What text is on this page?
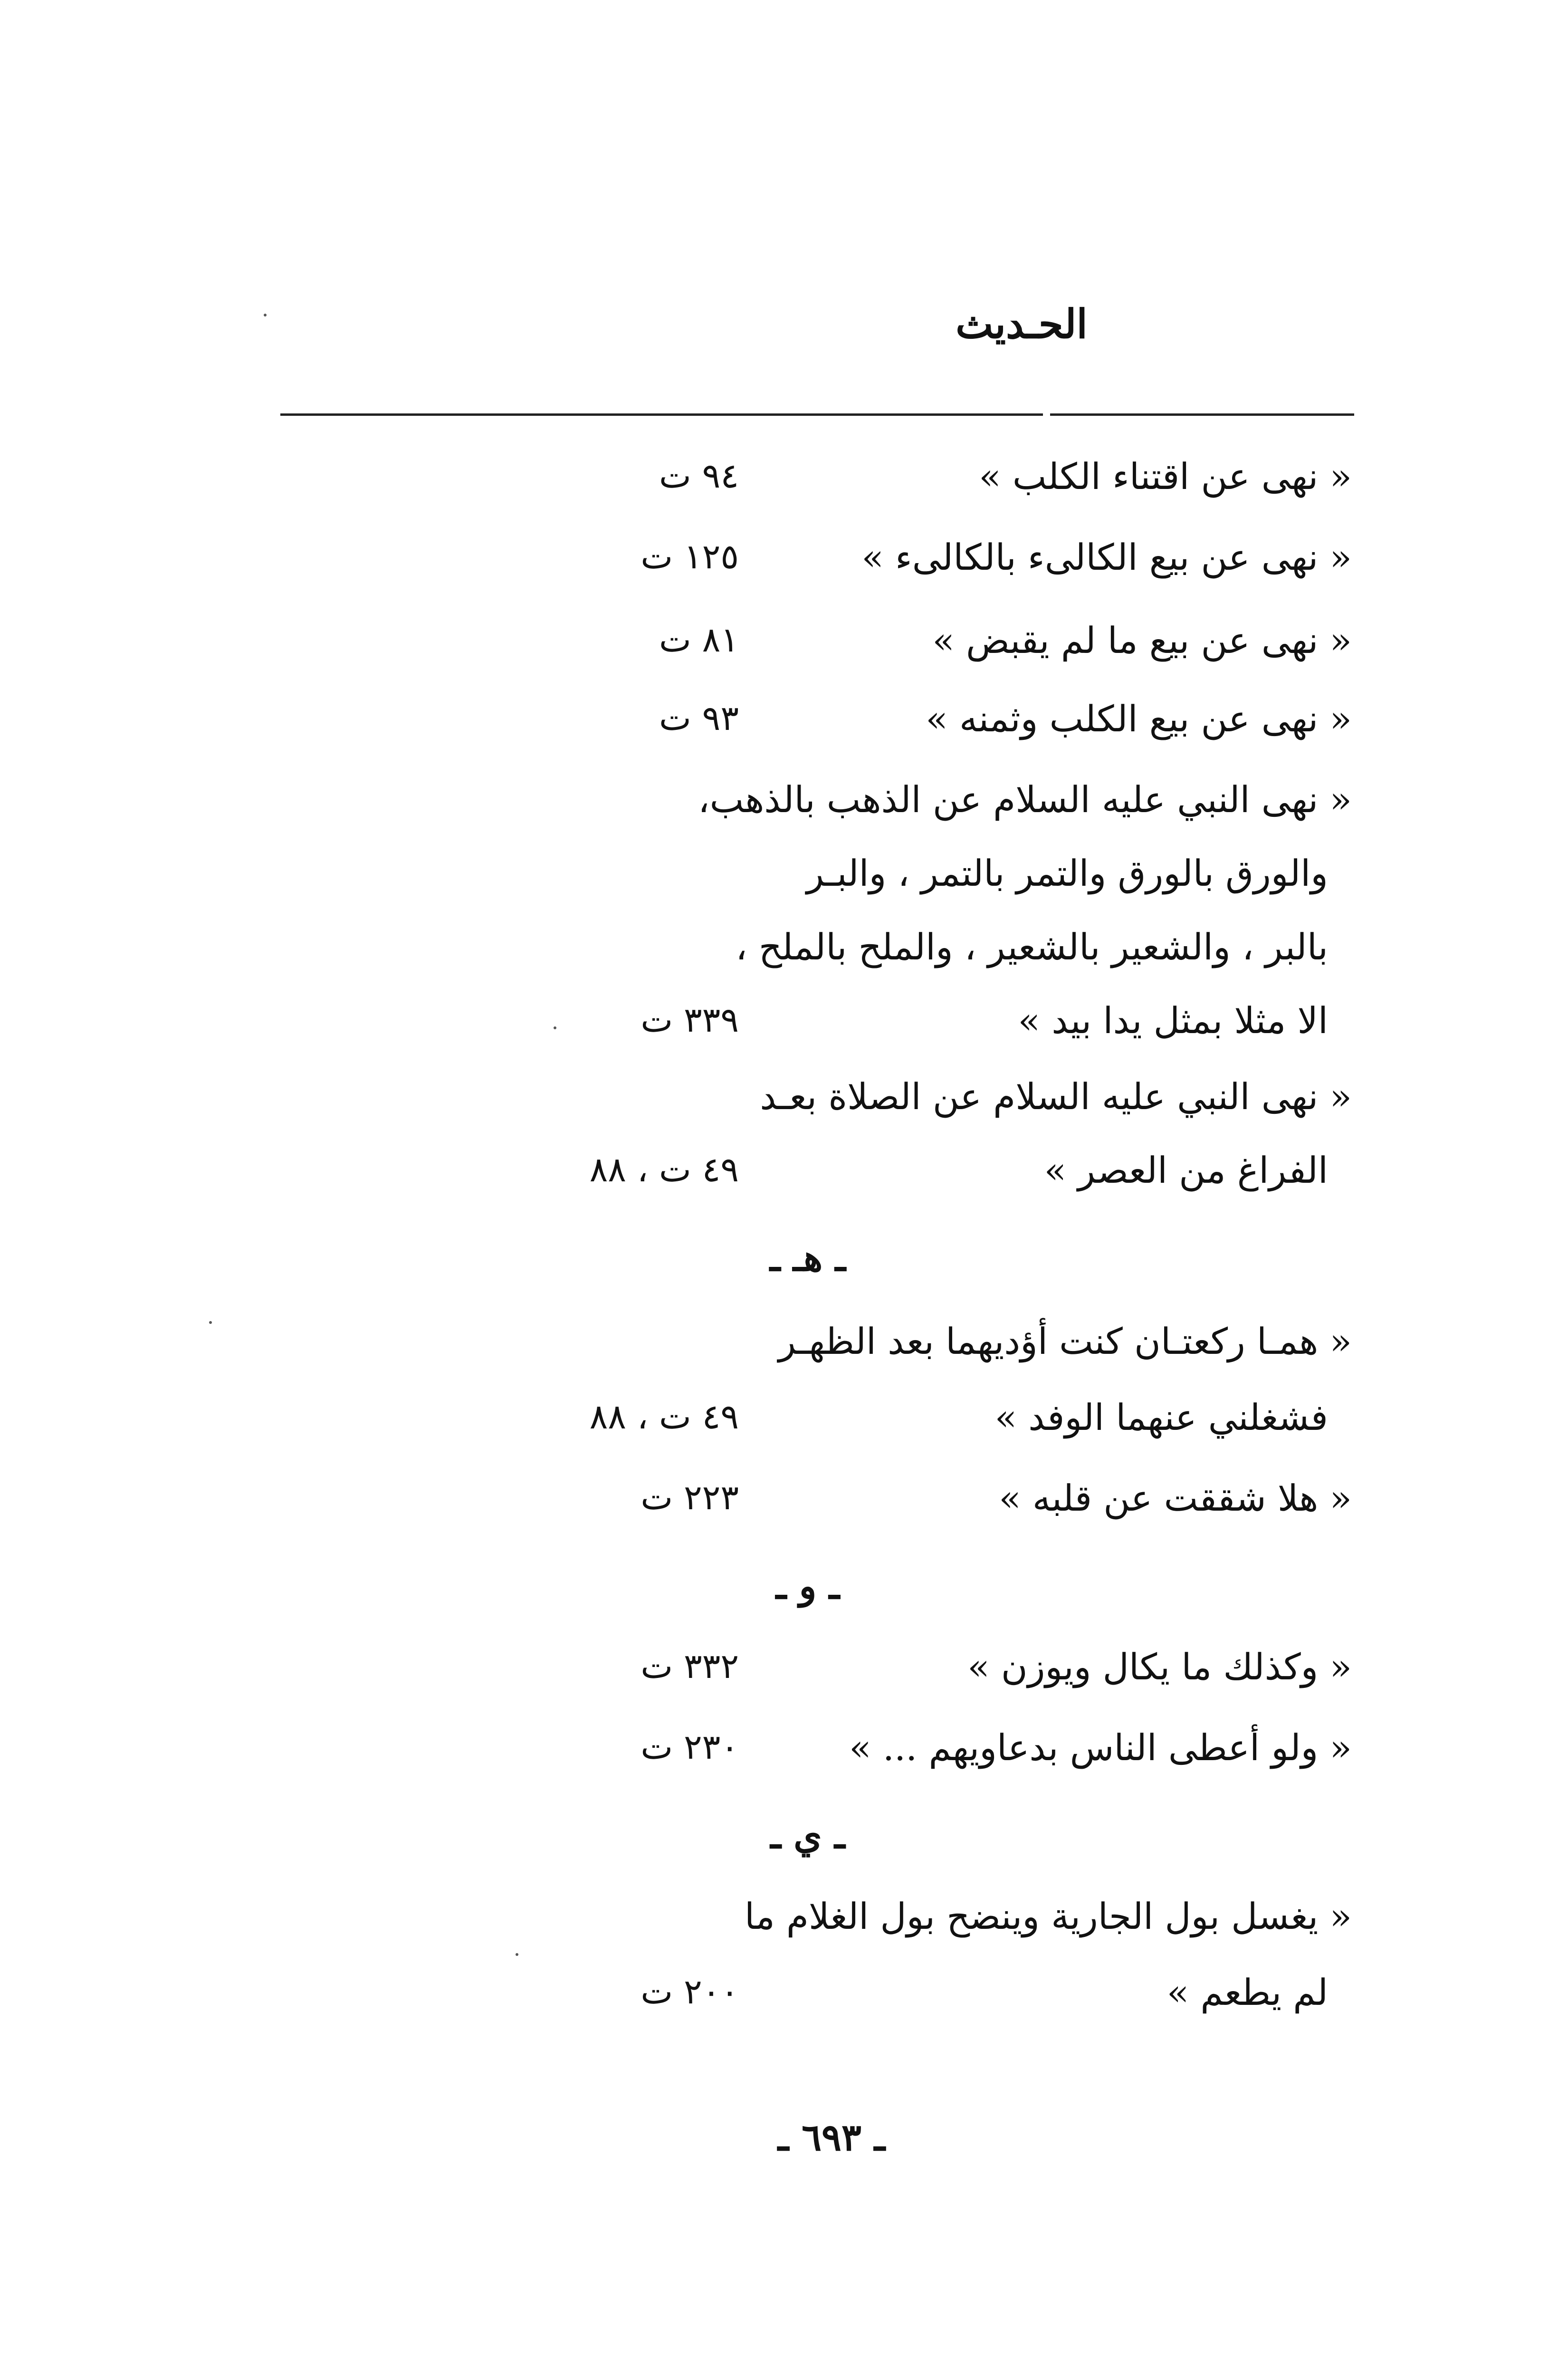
الحـديث
« نهى عن اقتناء الكلب »
٩٤ ت
« نهى عن بيع الكالىء بالكالىء »
١٢٥ ت
« نهى عن بيع ما لم يقبض »
٨١ ت
« نهى عن بيع الكلب وثمنه »
٩٣ ت
« نهى النبي عليه السلام عن الذهب بالذهب،
والورق بالورق والتمر بالتمر ، والبـر
بالبر ، والشعير بالشعير ، والملح بالملح ،
الا مثلا بمثل يدا بيد »
٣٣٩ ت
« نهى النبي عليه السلام عن الصلاة بعـد
الفراغ من العصر »
٤٩ ت ، ٨٨
ـ هـ ـ
« همـا ركعتـان كنت أؤديهما بعد الظهـر
فشغلني عنهما الوفد »
٤٩ ت ، ٨٨
« هلا شققت عن قلبه »
٢٢٣ ت
ـ و ـ
« وكذلك ما يكال ويوزن »
٣٣٢ ت
« ولو أعطى الناس بدعاويهم ... »
٢٣٠ ت
ـ ي ـ
« يغسل بول الجارية وينضح بول الغلام ما
لم يطعم »
٢٠٠ ت
ـ ٦٩٣ ـ
